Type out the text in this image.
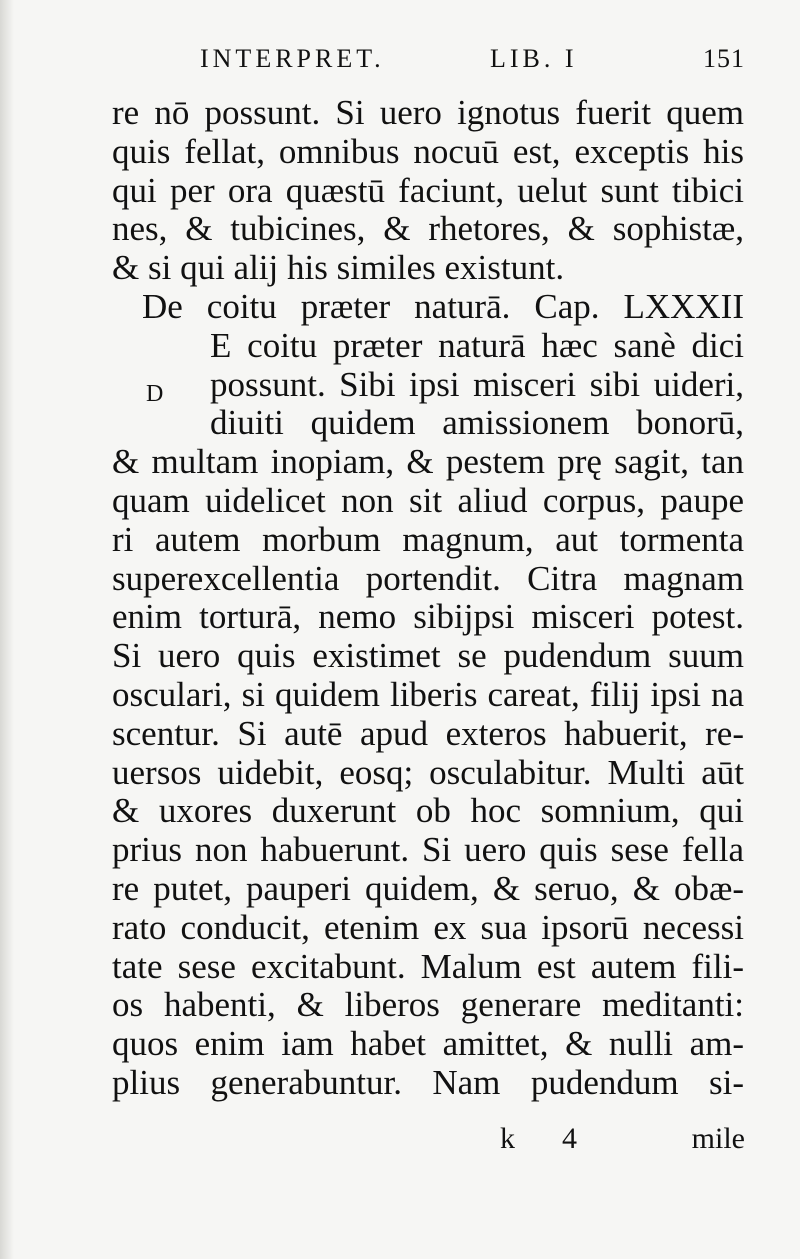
INTERPRET.	LIB. I	151
D
re nō possunt. Si uero ignotus fuerit quem
quis fellat, omnibus nocuū est, exceptis his
qui per ora quæstū faciunt, uelut sunt tibici
nes, & tubicines, & rhetores, & sophistæ,
& si qui alij his similes existunt.
De coitu præter naturā. Cap. LXXXII
E coitu præter naturā hæc sanè dici
possunt. Sibi ipsi misceri sibi uideri,
diuiti quidem amissionem bonorū,
& multam inopiam, & pestem prę sagit, tan
quam uidelicet non sit aliud corpus, paupe
ri autem morbum magnum, aut tormenta
superexcellentia portendit. Citra magnam
enim torturā, nemo sibijpsi misceri potest.
Si uero quis existimet se pudendum suum
osculari, si quidem liberis careat, filij ipsi na
scentur. Si autē apud exteros habuerit, re-
uersos uidebit, eosq; osculabitur. Multi aūt
& uxores duxerunt ob hoc somnium, qui
prius non habuerunt. Si uero quis sese fella
re putet, pauperi quidem, & seruo, & obæ-
rato conducit, etenim ex sua ipsorū necessi
tate sese excitabunt. Malum est autem fili-
os habenti, & liberos generare meditanti:
quos enim iam habet amittet, & nulli am-
plius generabuntur. Nam pudendum si-
k 4	mile
